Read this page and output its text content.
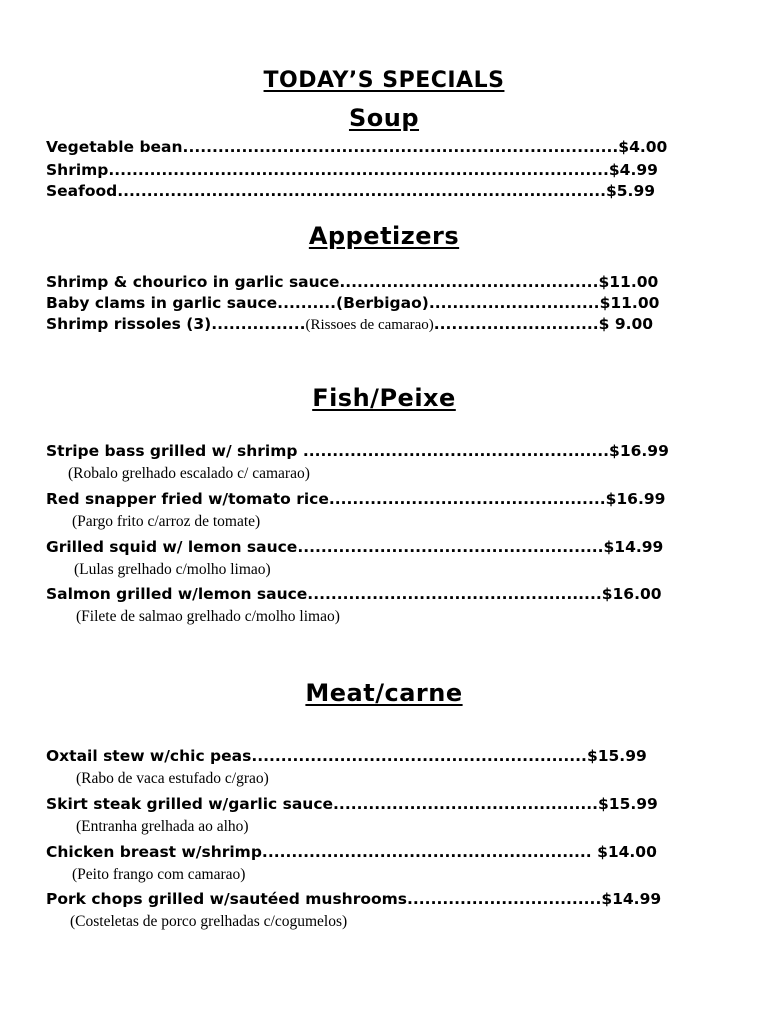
TODAY’S SPECIALS
Soup
Vegetable bean..........................................................................$4.00
Shrimp.....................................................................................$4.99
Seafood...................................................................................$5.99
Appetizers
Shrimp & chourico in garlic sauce............................................$11.00
Baby clams in garlic sauce..........(Berbigao).............................$11.00
Shrimp rissoles (3)................(Rissoes de camarao)............................$ 9.00
Fish/Peixe
Stripe bass grilled w/ shrimp ....................................................$16.99
(Robalo grelhado escalado c/ camarao)
Red snapper fried w/tomato rice...............................................$16.99
(Pargo frito c/arroz de tomate)
Grilled squid w/ lemon sauce....................................................$14.99
(Lulas grelhado c/molho limao)
Salmon grilled w/lemon sauce..................................................$16.00
(Filete de salmao grelhado c/molho limao)
Meat/carne
Oxtail stew w/chic peas.........................................................$15.99
(Rabo de vaca estufado c/grao)
Skirt steak grilled w/garlic sauce.............................................$15.99
(Entranha grelhada ao alho)
Chicken breast w/shrimp........................................................ $14.00
(Peito frango com camarao)
Pork chops grilled w/sautéed mushrooms.................................$14.99
(Costeletas de porco grelhadas c/cogumelos)
